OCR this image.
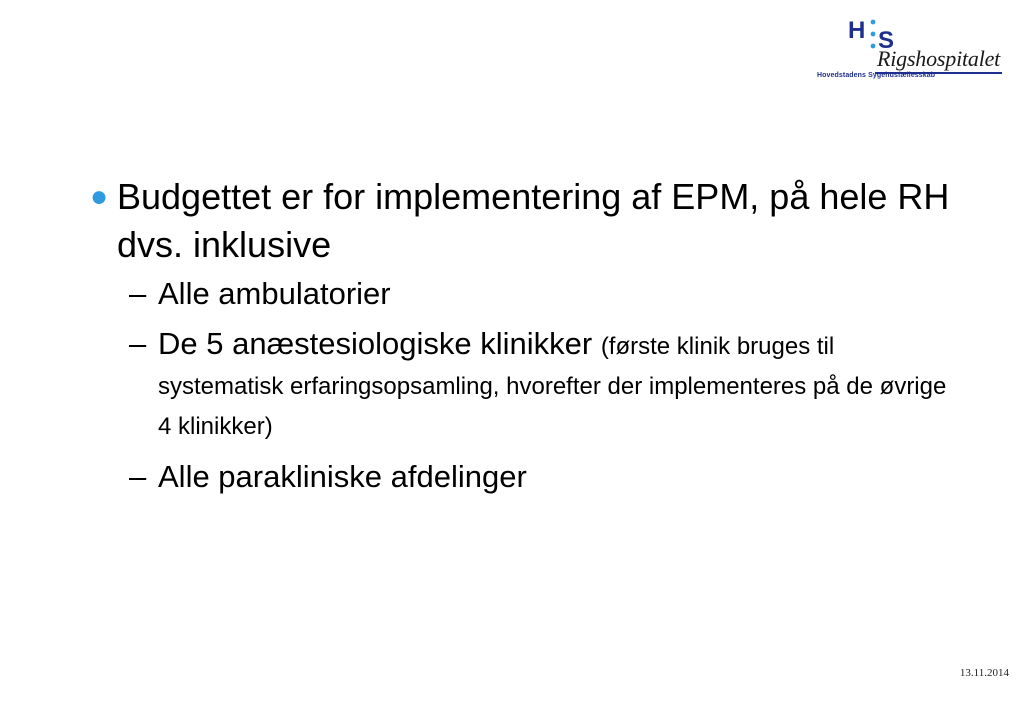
H S
Rigshospitalet
Hovedstadens Sygehusfællesskab
● Budgettet er for implementering af EPM, på hele RH dvs. inklusive
– Alle ambulatorier
– De 5 anæstesiologiske klinikker (første klinik bruges til systematisk erfaringsopsamling, hvorefter der implementeres på de øvrige 4 klinikker)
– Alle parakliniske afdelinger
13.11.2014
